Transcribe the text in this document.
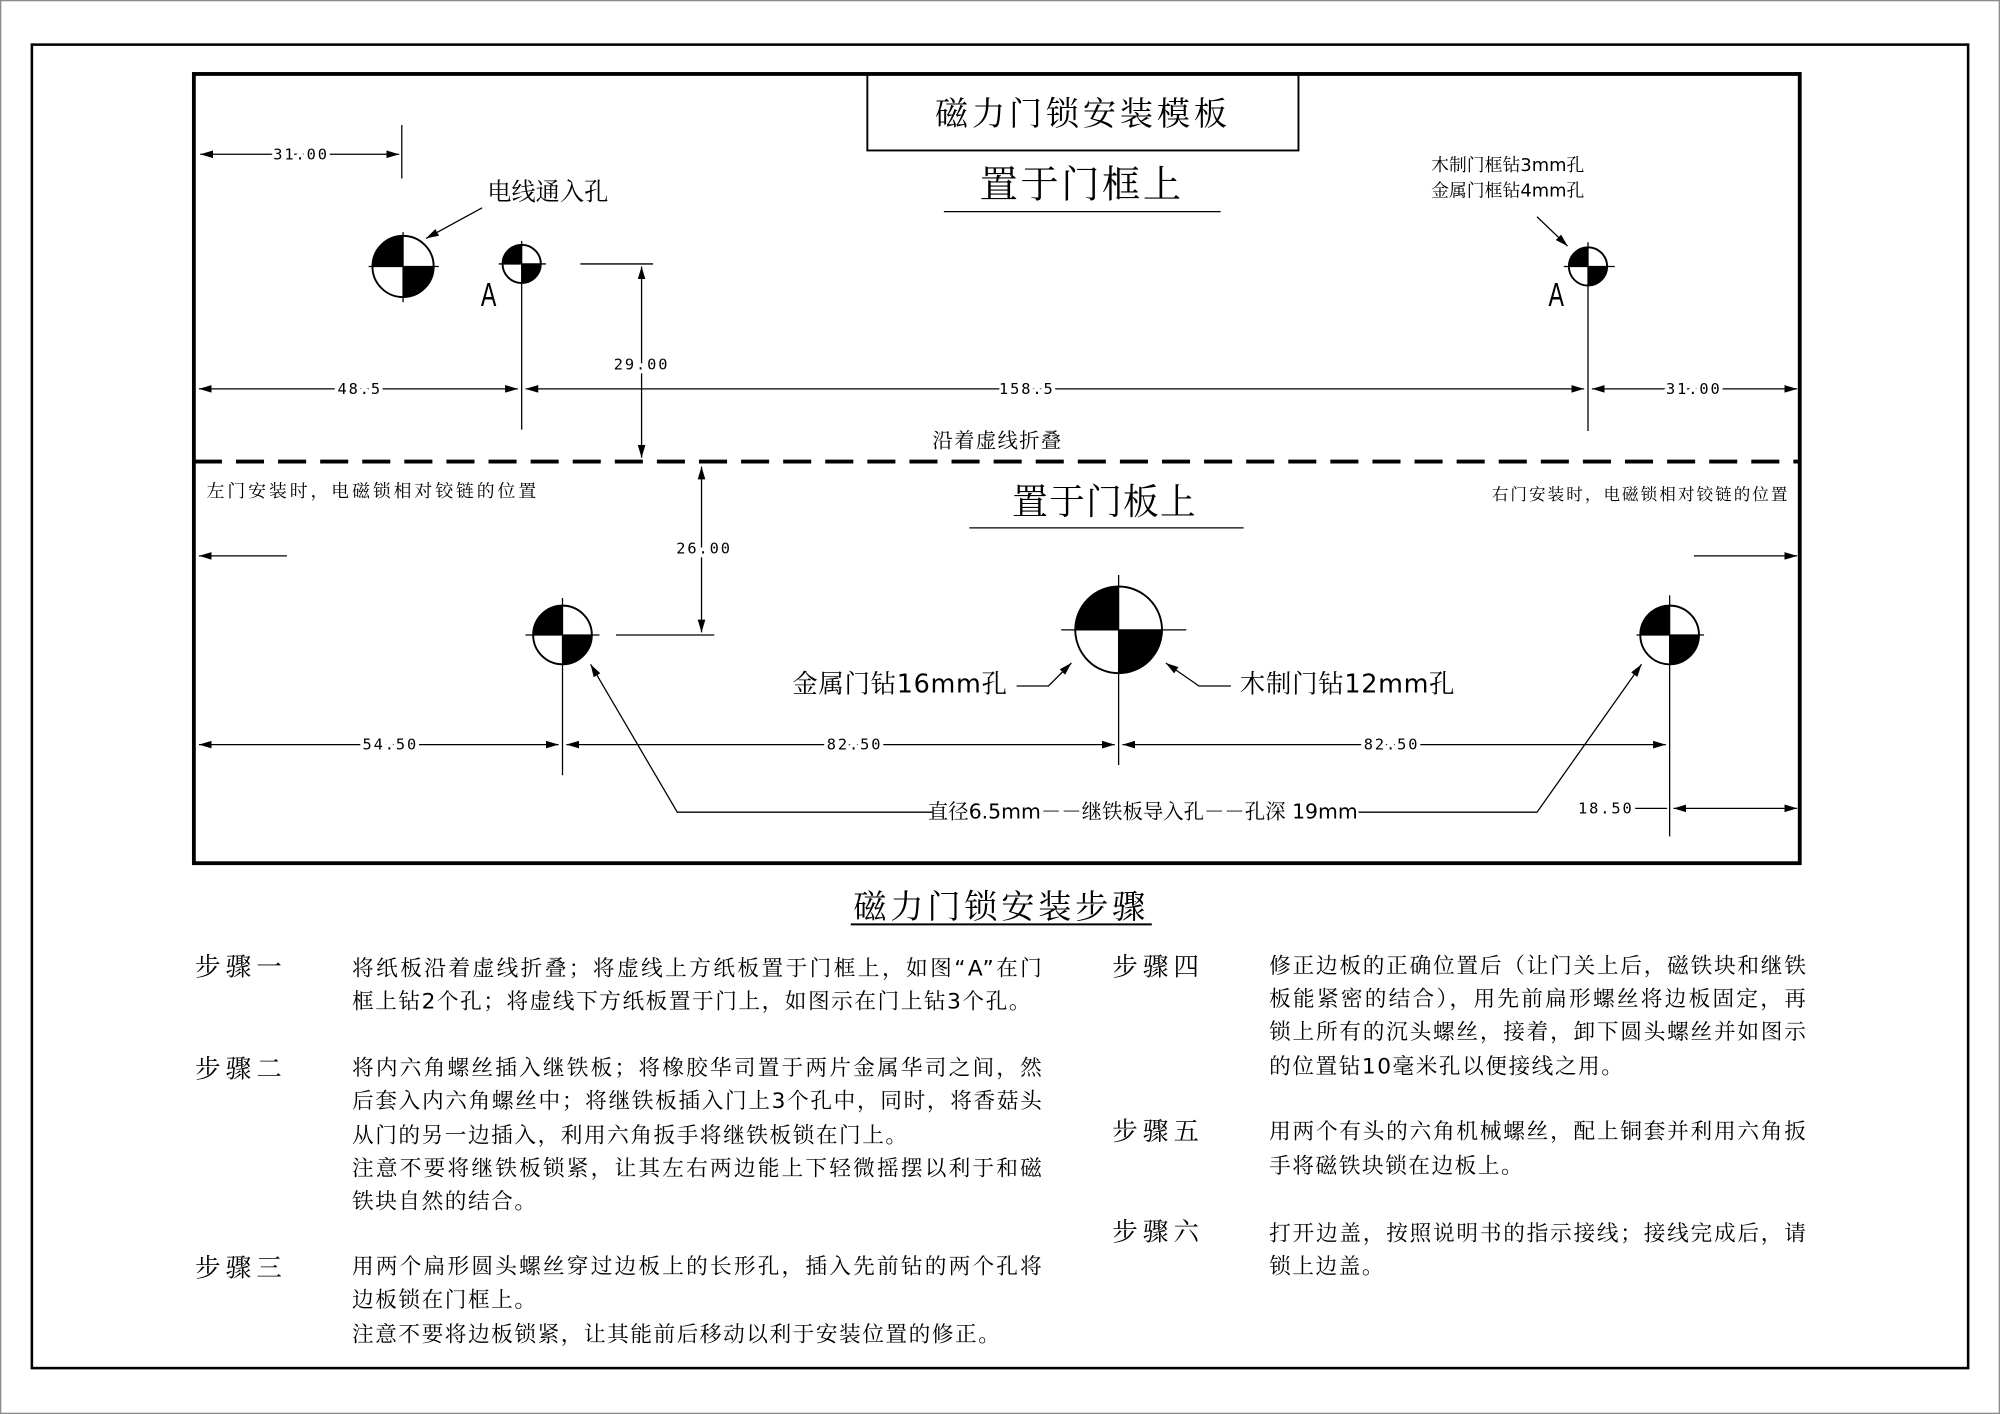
磁力门锁安装模板
置于门框上
31.00
电线通入孔
A	A
木制门框钻3mm孔
金属门框钻4mm孔
29.00
48.5	158.5	31.00
沿着虚线折叠
左门安装时，电磁锁相对铰链的位置	右门安装时，电磁锁相对铰链的位置
置于门板上
26.00
金属门钻16mm孔	木制门钻12mm孔
54.50	82.50	82.50
直径6.5mm－－继铁板导入孔－－孔深 19mm	18.50
磁力门锁安装步骤
步骤一	将纸板沿着虚线折叠；将虚线上方纸板置于门框上，如图“A”在门
框上钻2个孔；将虚线下方纸板置于门上，如图示在门上钻3个孔。
步骤二	将内六角螺丝插入继铁板；将橡胶华司置于两片金属华司之间，然
后套入内六角螺丝中；将继铁板插入门上3个孔中，同时，将香菇头
从门的另一边插入，利用六角扳手将继铁板锁在门上。
注意不要将继铁板锁紧，让其左右两边能上下轻微摇摆以利于和磁
铁块自然的结合。
步骤三	用两个扁形圆头螺丝穿过边板上的长形孔，插入先前钻的两个孔将
边板锁在门框上。
注意不要将边板锁紧，让其能前后移动以利于安装位置的修正。
步骤四	修正边板的正确位置后（让门关上后，磁铁块和继铁
板能紧密的结合），用先前扁形螺丝将边板固定，再
锁上所有的沉头螺丝，接着，卸下圆头螺丝并如图示
的位置钻10毫米孔以便接线之用。
步骤五	用两个有头的六角机械螺丝，配上铜套并利用六角扳
手将磁铁块锁在边板上。
步骤六	打开边盖，按照说明书的指示接线；接线完成后，请
锁上边盖。
